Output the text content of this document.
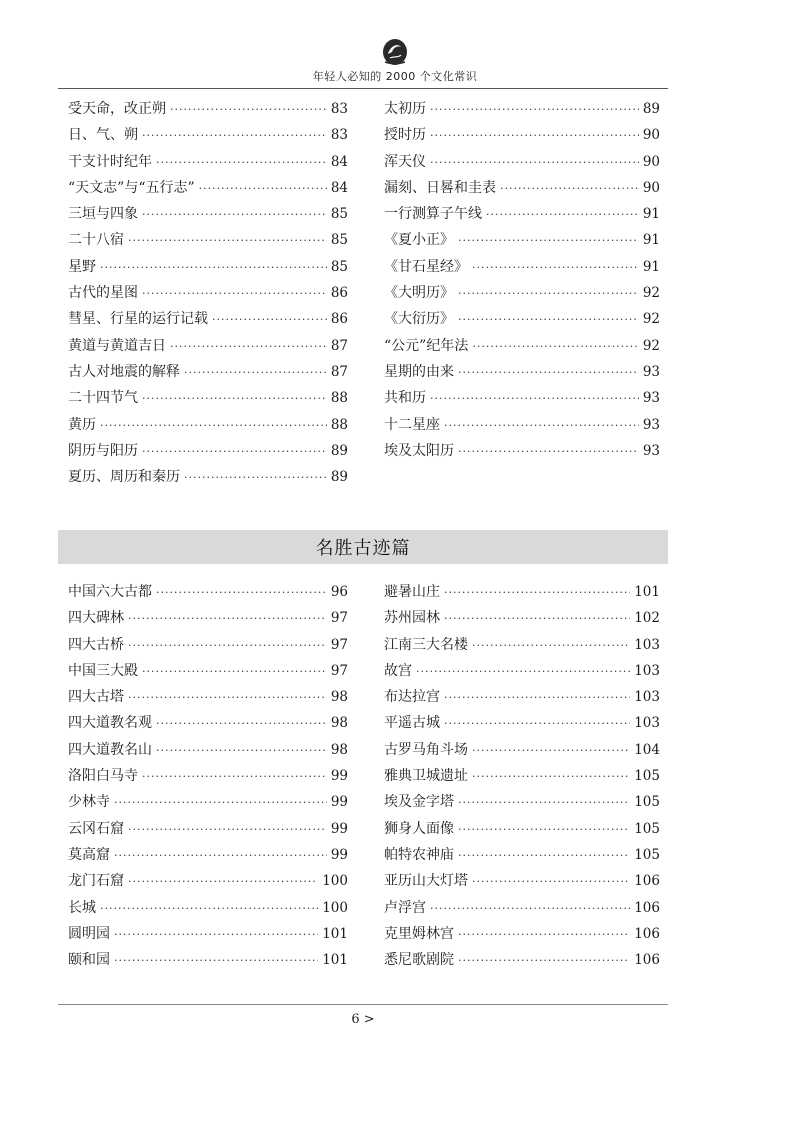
年轻人必知的 2000 个文化常识
受天命，改正朔 ·····	83
日、气、朔 ·····	83
干支计时纪年 ·····	84
“天文志”与“五行志” ·····	84
三垣与四象 ·····	85
二十八宿 ·····	85
星野 ·····	85
古代的星图 ·····	86
彗星、行星的运行记载 ·····	86
黄道与黄道吉日 ·····	87
古人对地震的解释 ·····	87
二十四节气 ·····	88
黄历 ·····	88
阴历与阳历 ·····	89
夏历、周历和秦历 ·····	89
太初历 ·····	89
授时历 ·····	90
浑天仪 ·····	90
漏刻、日晷和圭表 ·····	90
一行测算子午线 ·····	91
《夏小正》 ·····	91
《甘石星经》 ·····	91
《大明历》 ·····	92
《大衍历》 ·····	92
“公元”纪年法 ·····	92
星期的由来 ·····	93
共和历 ·····	93
十二星座 ·····	93
埃及太阳历 ·····	93
名胜古迹篇
中国六大古都 ·····	96
四大碑林 ·····	97
四大古桥 ·····	97
中国三大殿 ·····	97
四大古塔 ·····	98
四大道教名观 ·····	98
四大道教名山 ·····	98
洛阳白马寺 ·····	99
少林寺 ·····	99
云冈石窟 ·····	99
莫高窟 ·····	99
龙门石窟 ·····	100
长城 ·····	100
圆明园 ·····	101
颐和园 ·····	101
避暑山庄 ·····	101
苏州园林 ·····	102
江南三大名楼 ·····	103
故宫 ·····	103
布达拉宫 ·····	103
平遥古城 ·····	103
古罗马角斗场 ·····	104
雅典卫城遗址 ·····	105
埃及金字塔 ·····	105
狮身人面像 ·····	105
帕特农神庙 ·····	105
亚历山大灯塔 ·····	106
卢浮宫 ·····	106
克里姆林宫 ·····	106
悉尼歌剧院 ·····	106
6 >
